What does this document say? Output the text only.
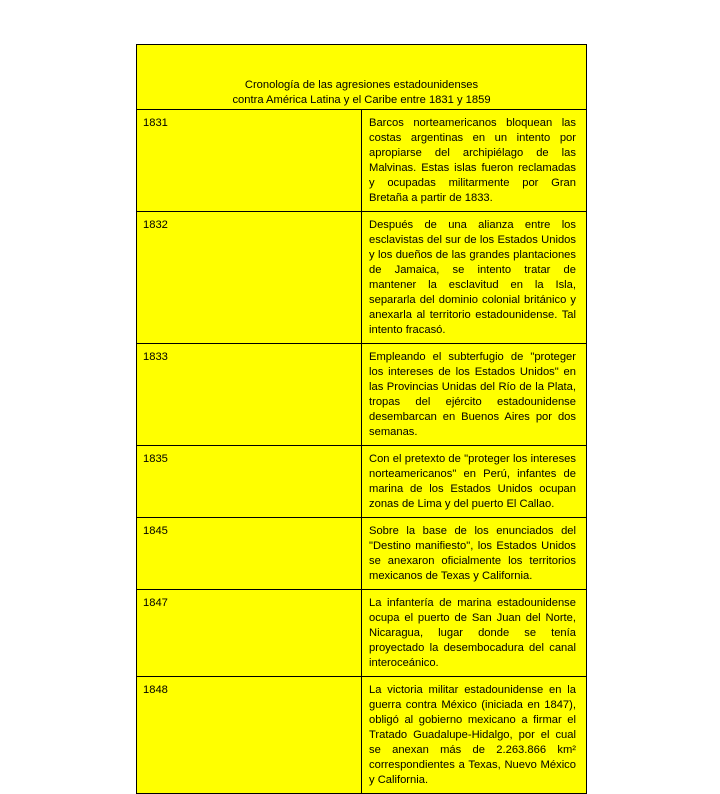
Cronología de las agresiones estadounidenses
contra América Latina y el Caribe entre 1831 y 1859	

1831	Barcos norteamericanos bloquean las costas argentinas en un intento por apropiarse del archipiélago de las Malvinas. Estas islas fueron reclamadas y ocupadas militarmente por Gran Bretaña a partir de 1833.
1832	Después de una alianza entre los esclavistas del sur de los Estados Unidos y los dueños de las grandes plantaciones de Jamaica, se intento tratar de mantener la esclavitud en la Isla, separarla del dominio colonial británico y anexarla al territorio estadounidense. Tal intento fracasó.
1833	Empleando el subterfugio de "proteger los intereses de los Estados Unidos" en las Provincias Unidas del Río de la Plata, tropas del ejército estadounidense desembarcan en Buenos Aires por dos semanas.
1835	Con el pretexto de "proteger los intereses norteamericanos" en Perú, infantes de marina de los Estados Unidos ocupan zonas de Lima y del puerto El Callao.
1845	Sobre la base de los enunciados del "Destino manifiesto", los Estados Unidos se anexaron oficialmente los territorios mexicanos de Texas y California.
1847	La infantería de marina estadounidense ocupa el puerto de San Juan del Norte, Nicaragua, lugar donde se tenía proyectado la desembocadura del canal interoceánico.
1848	La victoria militar estadounidense en la guerra contra México (iniciada en 1847), obligó al gobierno mexicano a firmar el Tratado Guadalupe-Hidalgo, por el cual se anexan más de 2.263.866 km² correspondientes a Texas, Nuevo México y California.
